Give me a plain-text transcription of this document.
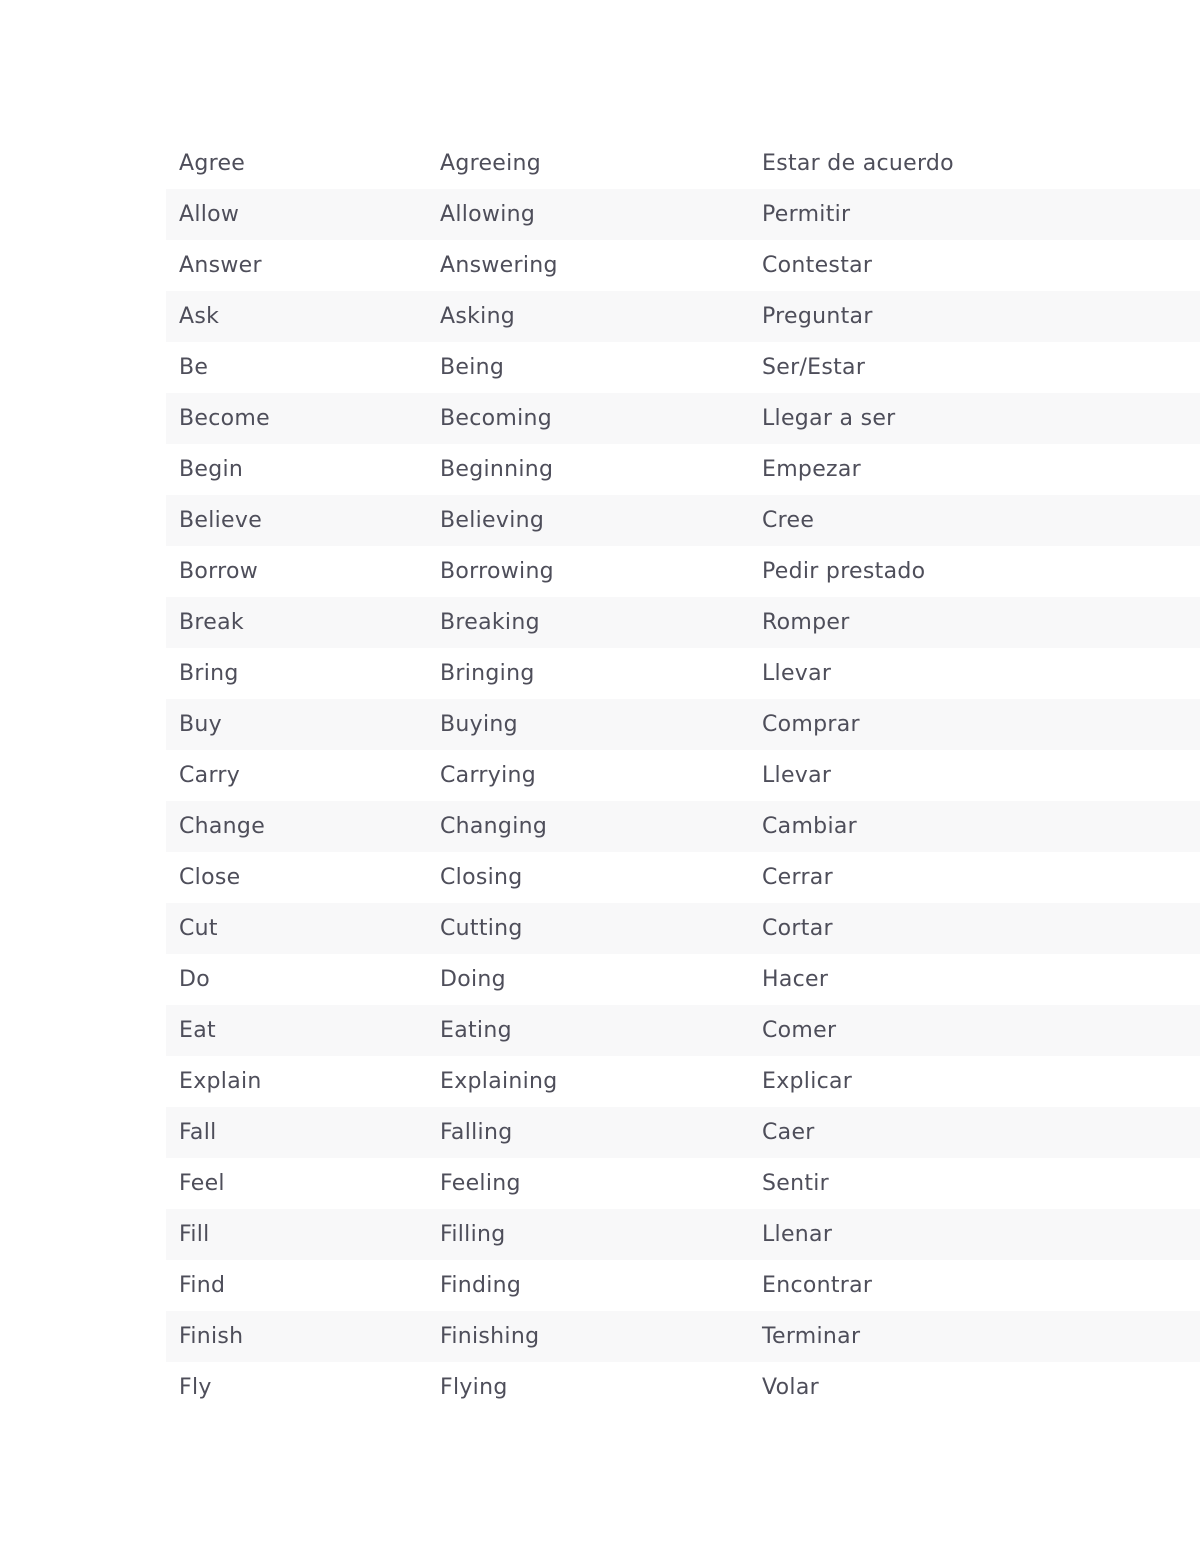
Agree	Agreeing	Estar de acuerdo
Allow	Allowing	Permitir
Answer	Answering	Contestar
Ask	Asking	Preguntar
Be	Being	Ser/Estar
Become	Becoming	Llegar a ser
Begin	Beginning	Empezar
Believe	Believing	Cree
Borrow	Borrowing	Pedir prestado
Break	Breaking	Romper
Bring	Bringing	Llevar
Buy	Buying	Comprar
Carry	Carrying	Llevar
Change	Changing	Cambiar
Close	Closing	Cerrar
Cut	Cutting	Cortar
Do	Doing	Hacer
Eat	Eating	Comer
Explain	Explaining	Explicar
Fall	Falling	Caer
Feel	Feeling	Sentir
Fill	Filling	Llenar
Find	Finding	Encontrar
Finish	Finishing	Terminar
Fly	Flying	Volar
